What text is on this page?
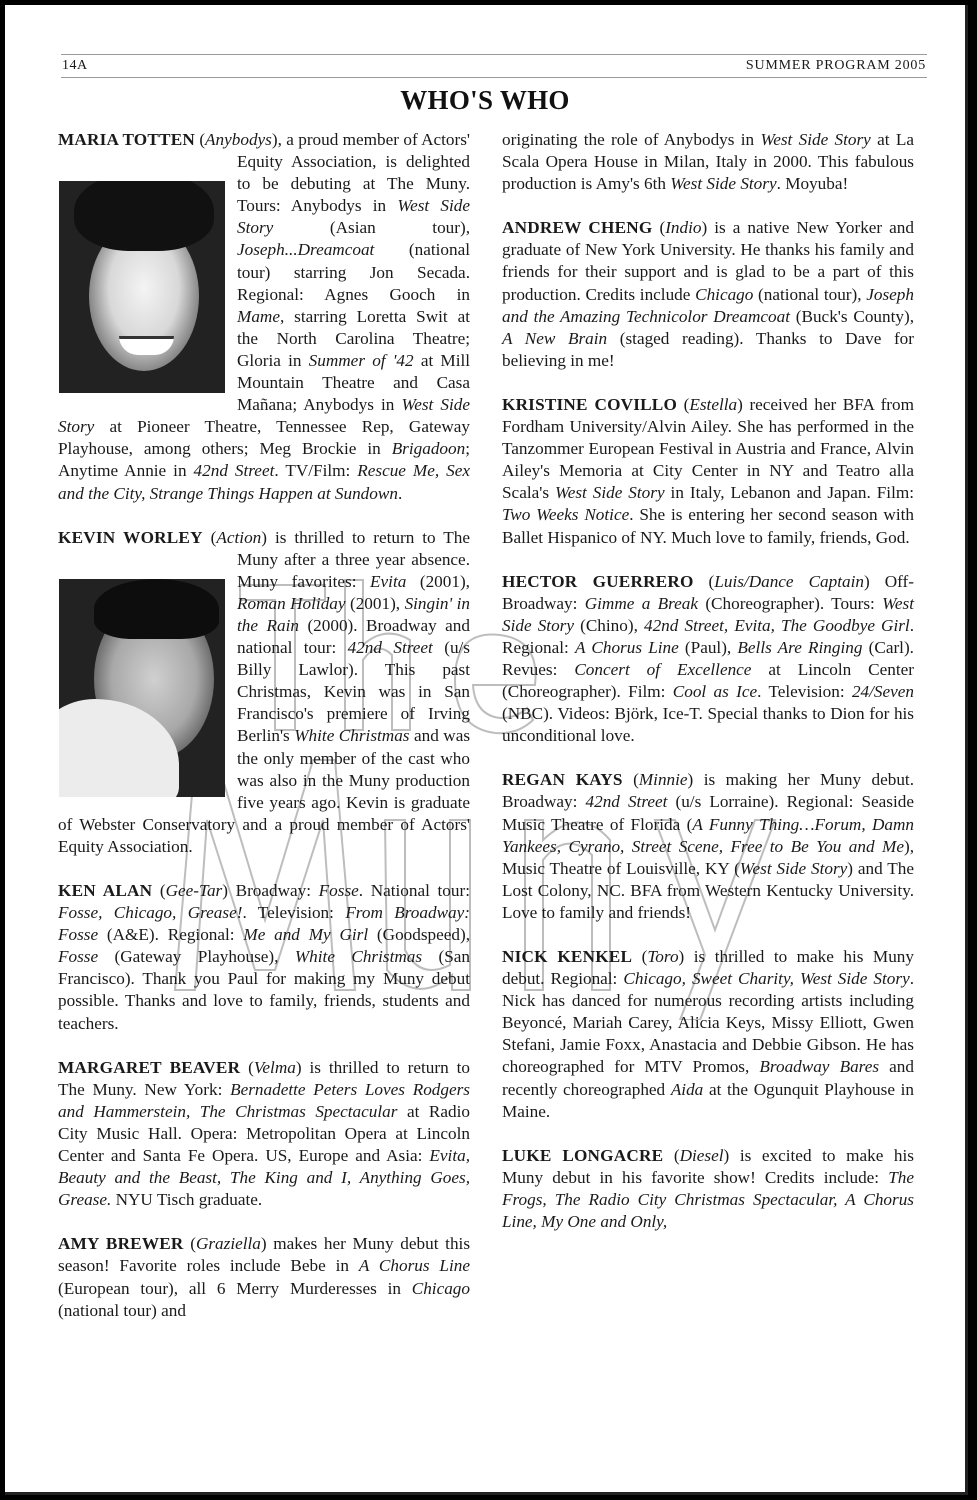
14A	SUMMER PROGRAM 2005
WHO'S WHO
MARIA TOTTEN (Anybodys), a proud member of Actors' Equity Association, is delighted to be debuting at The Muny. Tours: Anybodys in West Side Story (Asian tour), Joseph...Dreamcoat (national tour) starring Jon Secada. Regional: Agnes Gooch in Mame, starring Loretta Swit at the North Carolina Theatre; Gloria in Summer of '42 at Mill Mountain Theatre and Casa Mañana; Anybodys in West Side Story at Pioneer Theatre, Tennessee Rep, Gateway Playhouse, among others; Meg Brockie in Brigadoon; Anytime Annie in 42nd Street. TV/Film: Rescue Me, Sex and the City, Strange Things Happen at Sundown.
KEVIN WORLEY (Action) is thrilled to return to The Muny after a three year absence. Muny favorites: Evita (2001), Roman Holiday (2001), Singin' in the Rain (2000). Broadway and national tour: 42nd Street (u/s Billy Lawlor). This past Christmas, Kevin was in San Francisco's premiere of Irving Berlin's White Christmas and was the only member of the cast who was also in the Muny production five years ago. Kevin is graduate of Webster Conservatory and a proud member of Actors' Equity Association.
KEN ALAN (Gee-Tar) Broadway: Fosse. National tour: Fosse, Chicago, Grease!. Television: From Broadway: Fosse (A&E). Regional: Me and My Girl (Goodspeed), Fosse (Gateway Playhouse), White Christmas (San Francisco). Thank you Paul for making my Muny debut possible. Thanks and love to family, friends, students and teachers.
MARGARET BEAVER (Velma) is thrilled to return to The Muny. New York: Bernadette Peters Loves Rodgers and Hammerstein, The Christmas Spectacular at Radio City Music Hall. Opera: Metropolitan Opera at Lincoln Center and Santa Fe Opera. US, Europe and Asia: Evita, Beauty and the Beast, The King and I, Anything Goes, Grease. NYU Tisch graduate.
AMY BREWER (Graziella) makes her Muny debut this season! Favorite roles include Bebe in A Chorus Line (European tour), all 6 Merry Murderesses in Chicago (national tour) and
originating the role of Anybodys in West Side Story at La Scala Opera House in Milan, Italy in 2000. This fabulous production is Amy's 6th West Side Story. Moyuba!
ANDREW CHENG (Indio) is a native New Yorker and graduate of New York University. He thanks his family and friends for their support and is glad to be a part of this production. Credits include Chicago (national tour), Joseph and the Amazing Technicolor Dreamcoat (Buck's County), A New Brain (staged reading). Thanks to Dave for believing in me!
KRISTINE COVILLO (Estella) received her BFA from Fordham University/Alvin Ailey. She has performed in the Tanzommer European Festival in Austria and France, Alvin Ailey's Memoria at City Center in NY and Teatro alla Scala's West Side Story in Italy, Lebanon and Japan. Film: Two Weeks Notice. She is entering her second season with Ballet Hispanico of NY. Much love to family, friends, God.
HECTOR GUERRERO (Luis/Dance Captain) Off-Broadway: Gimme a Break (Choreographer). Tours: West Side Story (Chino), 42nd Street, Evita, The Goodbye Girl. Regional: A Chorus Line (Paul), Bells Are Ringing (Carl). Revues: Concert of Excellence at Lincoln Center (Choreographer). Film: Cool as Ice. Television: 24/Seven (NBC). Videos: Björk, Ice-T. Special thanks to Dion for his unconditional love.
REGAN KAYS (Minnie) is making her Muny debut. Broadway: 42nd Street (u/s Lorraine). Regional: Seaside Music Theatre of Florida (A Funny Thing…Forum, Damn Yankees, Cyrano, Street Scene, Free to Be You and Me), Music Theatre of Louisville, KY (West Side Story) and The Lost Colony, NC. BFA from Western Kentucky University. Love to family and friends!
NICK KENKEL (Toro) is thrilled to make his Muny debut. Regional: Chicago, Sweet Charity, West Side Story. Nick has danced for numerous recording artists including Beyoncé, Mariah Carey, Alicia Keys, Missy Elliott, Gwen Stefani, Jamie Foxx, Anastacia and Debbie Gibson. He has choreographed for MTV Promos, Broadway Bares and recently choreographed Aida at the Ogunquit Playhouse in Maine.
LUKE LONGACRE (Diesel) is excited to make his Muny debut in his favorite show! Credits include: The Frogs, The Radio City Christmas Spectacular, A Chorus Line, My One and Only,
